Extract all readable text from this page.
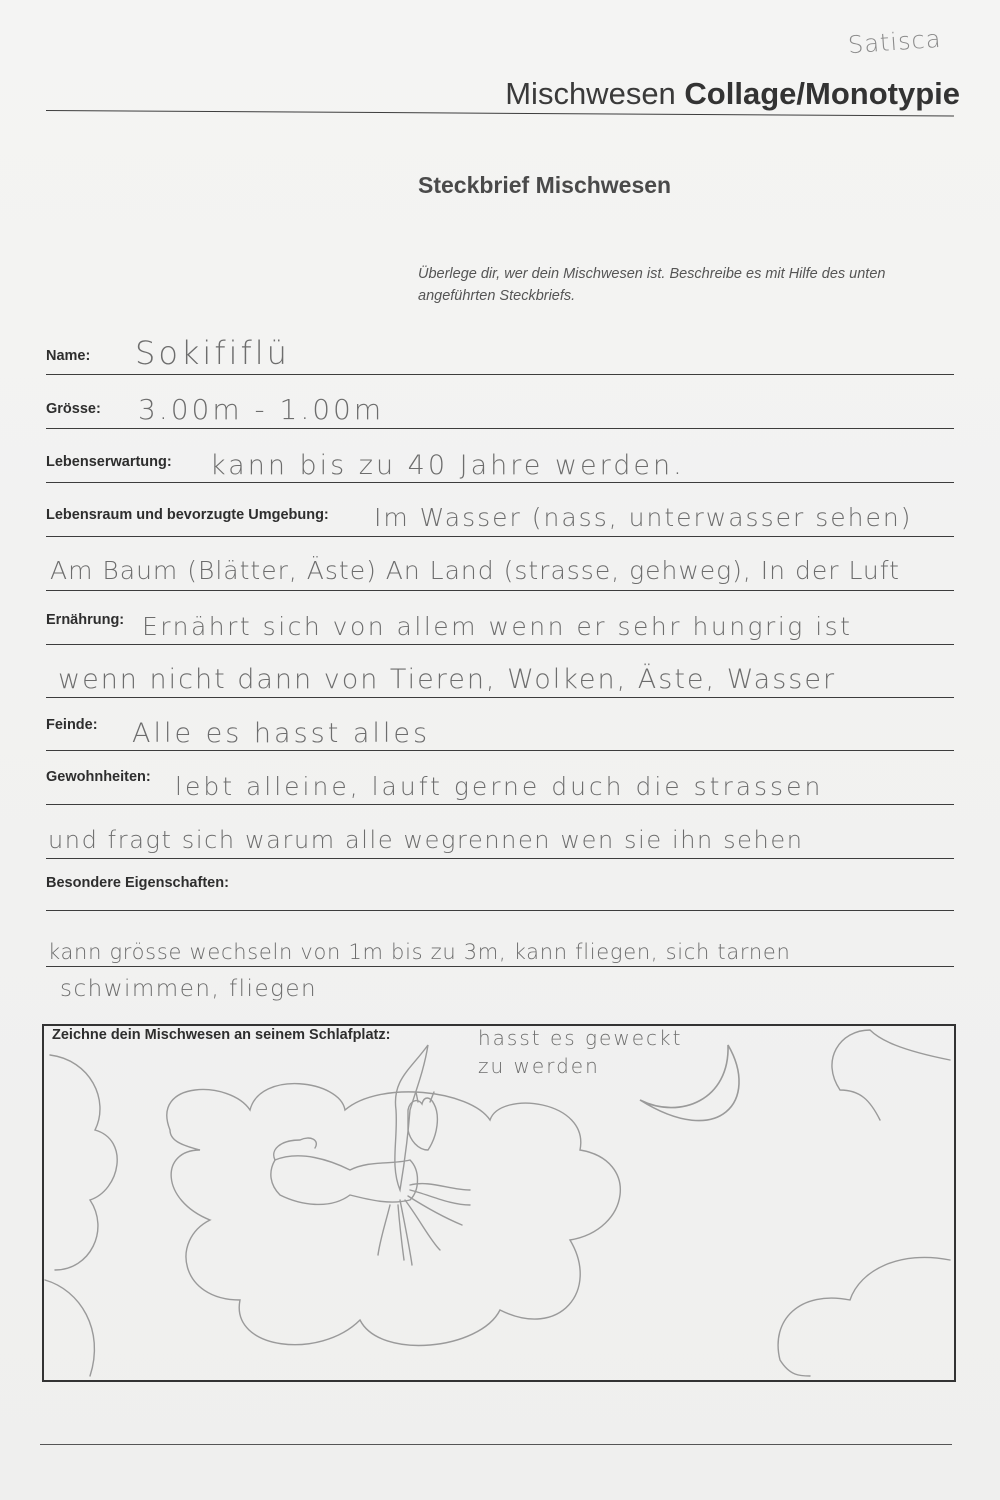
Satisca
Mischwesen Collage/Monotypie
Steckbrief Mischwesen
Überlege dir, wer dein Mischwesen ist. Beschreibe es mit Hilfe des unten angeführten Steckbriefs.
Name: Sokififlü
Grösse: 3.00m - 1.00m
Lebenserwartung: kann bis zu 40 Jahre werden.
Lebensraum und bevorzugte Umgebung: Im Wasser (nass, unterwasser sehen)
Am Baum (Blätter, Äste) An Land (strasse, gehweg), In der Luft
Ernährung: Ernährt sich von allem wenn er sehr hungrig ist
wenn nicht dann von Tieren, Wolken, Äste, Wasser
Feinde: Alle es hasst alles
Gewohnheiten: lebt alleine, lauft gerne duch die strassen
und fragt sich warum alle wegrennen wen sie ihn sehen
Besondere Eigenschaften:
kann grösse wechseln von 1m bis zu 3m, kann fliegen, sich tarnen
schwimmen, fliegen
Zeichne dein Mischwesen an seinem Schlafplatz:	hasst es geweckt
zu werden
